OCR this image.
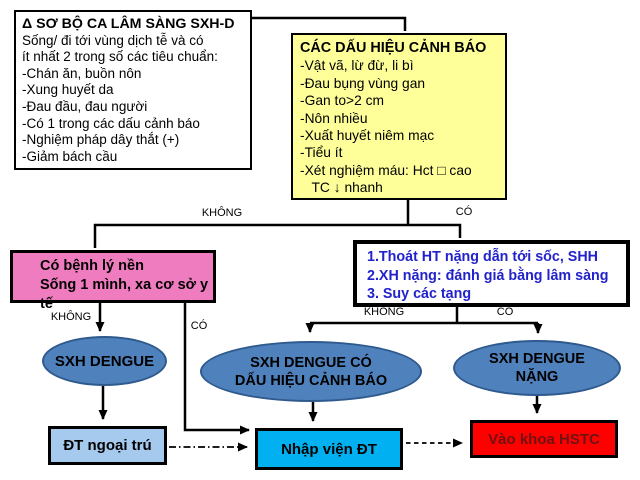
Δ SƠ BỘ CA LÂM SÀNG SXH-D
Sống/ đi tới vùng dịch tễ và có
ít nhất 2 trong số các tiêu chuẩn:
-Chán ăn, buồn nôn
-Xung huyết da
-Đau đầu, đau người
-Có 1 trong các dấu cảnh báo
-Nghiệm pháp dây thắt (+)
-Giảm bách cầu
CÁC DẤU HIỆU CẢNH BÁO
-Vật vã, lừ đừ, li bì
-Đau bụng vùng gan
-Gan to>2 cm
-Nôn nhiều
-Xuất huyết niêm mạc
-Tiểu ít
-Xét nghiệm máu: Hct □ cao
TC ↓ nhanh
Có bệnh lý nền
Sống 1 mình, xa cơ sở y tế
1.Thoát HT nặng dẫn tới sốc, SHH
2.XH nặng: đánh giá bằng lâm sàng
3. Suy các tạng
KHÔNG	CÓ
KHÔNG
CÓ
KHÔNG	CÓ
SXH DENGUE	SXH DENGUE CÓ
DẤU HIỆU CẢNH BÁO
SXH DENGUE
NẶNG
ĐT ngoại trú	Nhập viện ĐT
Vào khoa HSTC
